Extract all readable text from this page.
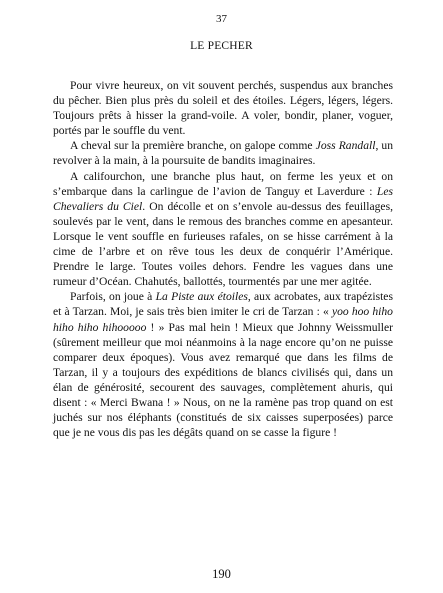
37
LE PECHER

Pour vivre heureux, on vit souvent perchés, suspendus aux branches du pêcher. Bien plus près du soleil et des étoiles. Légers, légers, légers. Toujours prêts à hisser la grand-voile. A voler, bondir, planer, voguer, portés par le souffle du vent.

A cheval sur la première branche, on galope comme Joss Randall, un revolver à la main, à la poursuite de bandits imaginaires.

A califourchon, une branche plus haut, on ferme les yeux et on s’embarque dans la carlingue de l’avion de Tanguy et Laverdure : Les Chevaliers du Ciel. On décolle et on s’envole au-dessus des feuillages, soulevés par le vent, dans le remous des branches comme en apesanteur. Lorsque le vent souffle en furieuses rafales, on se hisse carrément à la cime de l’arbre et on rêve tous les deux de conquérir l’Amérique. Prendre le large. Toutes voiles dehors. Fendre les vagues dans une rumeur d’Océan. Chahutés, ballottés, tourmentés par une mer agitée.

Parfois, on joue à La Piste aux étoiles, aux acrobates, aux trapézistes et à Tarzan. Moi, je sais très bien imiter le cri de Tarzan : « yoo hoo hiho hiho hiho hihooooo ! » Pas mal hein ! Mieux que Johnny Weissmuller (sûrement meilleur que moi néanmoins à la nage encore qu’on ne puisse comparer deux époques). Vous avez remarqué que dans les films de Tarzan, il y a toujours des expéditions de blancs civilisés qui, dans un élan de générosité, secourent des sauvages, complètement ahuris, qui disent : « Merci Bwana ! » Nous, on ne la ramène pas trop quand on est juchés sur nos éléphants (constitués de six caisses superposées) parce que je ne vous dis pas les dégâts quand on se casse la figure !

190
